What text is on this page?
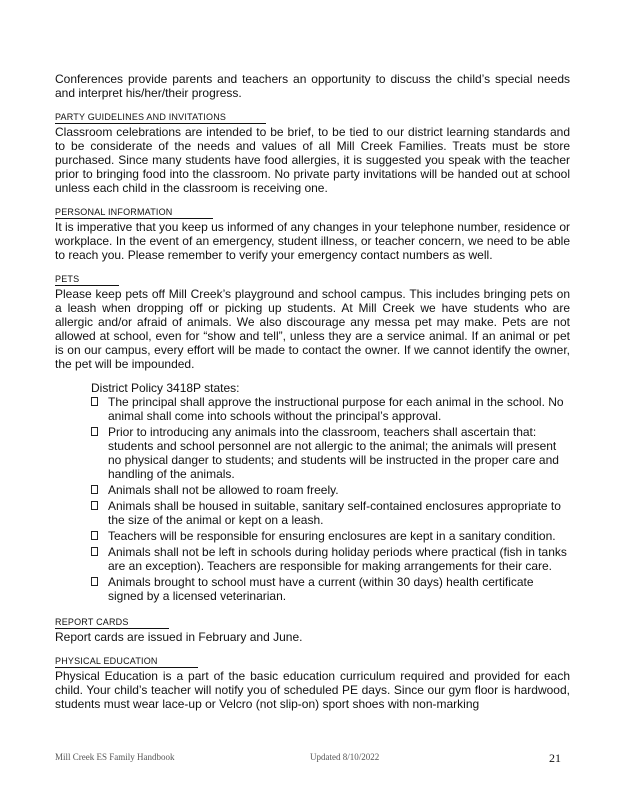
Conferences provide parents and teachers an opportunity to discuss the child’s special needs and interpret his/her/their progress.

PARTY GUIDELINES AND INVITATIONS

Classroom celebrations are intended to be brief, to be tied to our district learning standards and to be considerate of the needs and values of all Mill Creek Families. Treats must be store purchased. Since many students have food allergies, it is suggested you speak with the teacher prior to bringing food into the classroom. No private party invitations will be handed out at school unless each child in the classroom is receiving one.

PERSONAL INFORMATION

It is imperative that you keep us informed of any changes in your telephone number, residence or workplace. In the event of an emergency, student illness, or teacher concern, we need to be able to reach you. Please remember to verify your emergency contact numbers as well.

PETS

Please keep pets off Mill Creek’s playground and school campus. This includes bringing pets on a leash when dropping off or picking up students. At Mill Creek we have students who are allergic and/or afraid of animals. We also discourage any messa pet may make. Pets are not allowed at school, even for “show and tell”, unless they are a service animal. If an animal or pet is on our campus, every effort will be made to contact the owner. If we cannot identify the owner, the pet will be impounded.

District Policy 3418P states:
The principal shall approve the instructional purpose for each animal in the school. No animal shall come into schools without the principal’s approval.
Prior to introducing any animals into the classroom, teachers shall ascertain that: students and school personnel are not allergic to the animal; the animals will present no physical danger to students; and students will be instructed in the proper care and handling of the animals.
Animals shall not be allowed to roam freely.
Animals shall be housed in suitable, sanitary self-contained enclosures appropriate to the size of the animal or kept on a leash.
Teachers will be responsible for ensuring enclosures are kept in a sanitary condition.
Animals shall not be left in schools during holiday periods where practical (fish in tanks are an exception). Teachers are responsible for making arrangements for their care.
Animals brought to school must have a current (within 30 days) health certificate signed by a licensed veterinarian.
REPORT CARDS

Report cards are issued in February and June.

PHYSICAL EDUCATION

Physical Education is a part of the basic education curriculum required and provided for each child. Your child’s teacher will notify you of scheduled PE days. Since our gym floor is hardwood, students must wear lace-up or Velcro (not slip-on) sport shoes with non-marking

Mill Creek ES Family Handbook	Updated 8/10/2022	21
